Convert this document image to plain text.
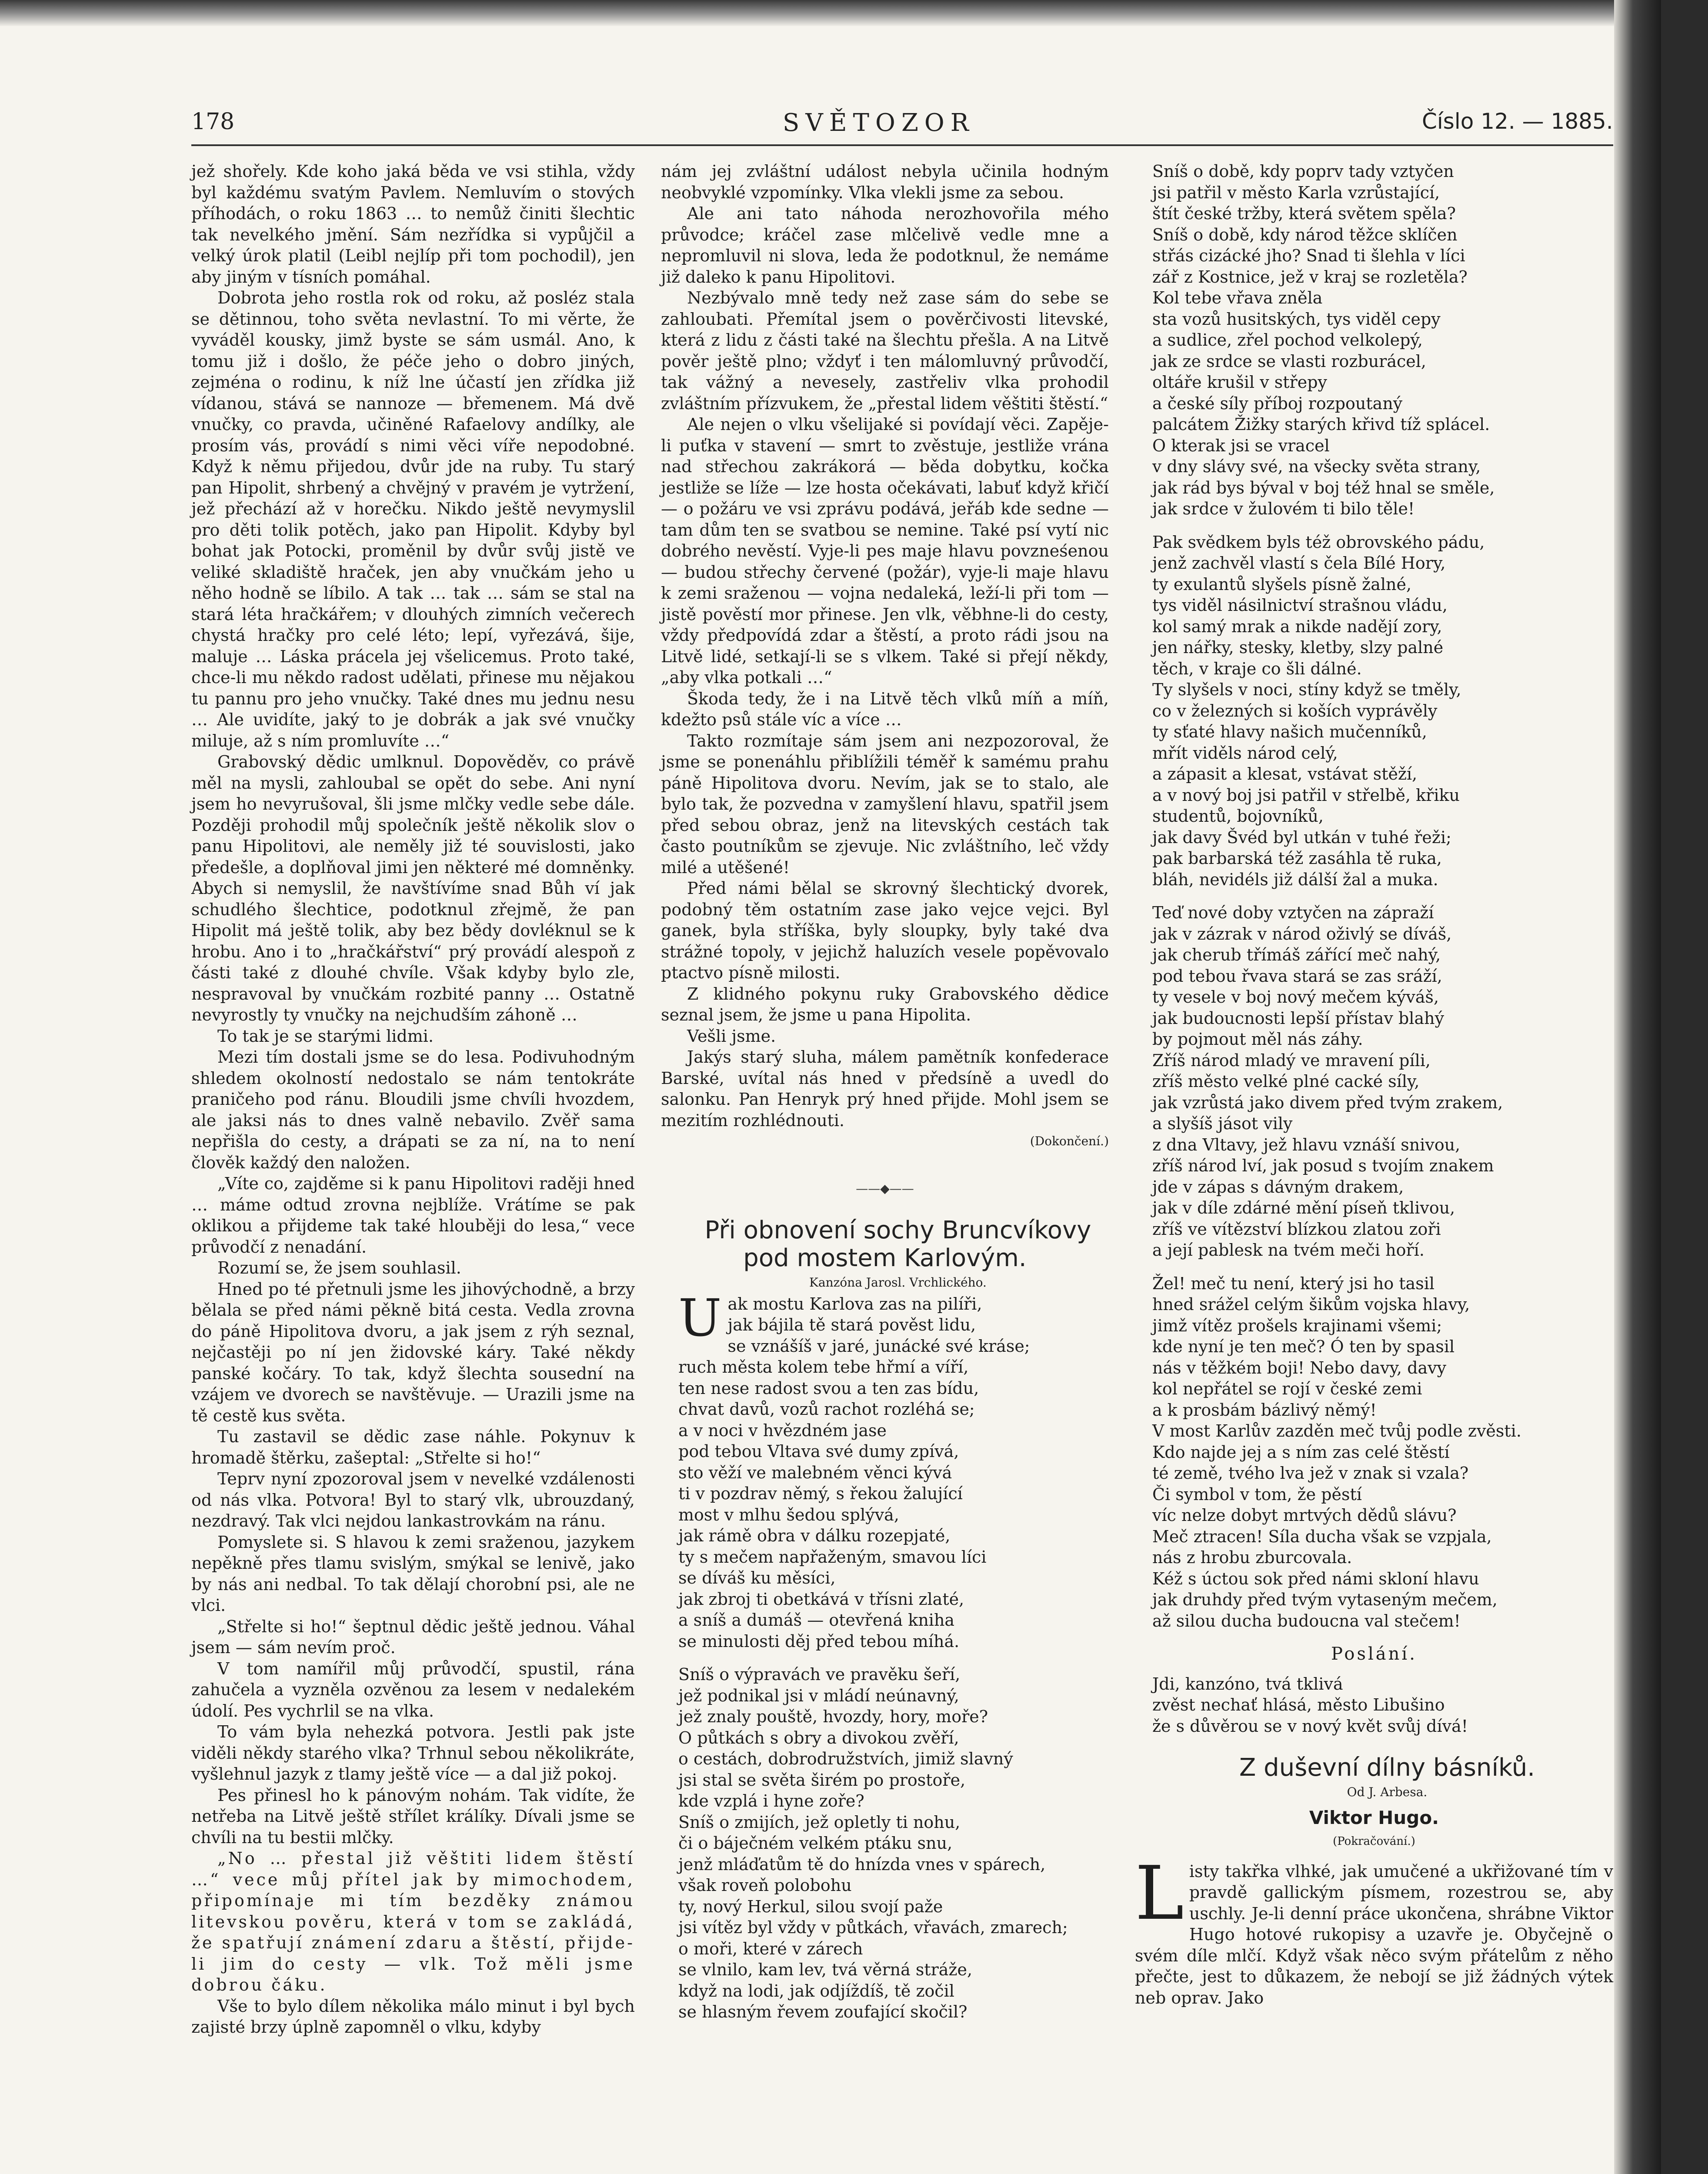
178	SVĚTOZOR	Číslo 12. — 1885.

jež shořely. Kde koho jaká běda ve vsi stihla, vždy byl každému svatým Pavlem. Nemluvím o stových příhodách, o roku 1863 … to nemůž činiti šlechtic tak nevelkého jmění. Sám nezřídka si vypůjčil a velký úrok platil (Leibl nejlíp při tom pochodil), jen aby jiným v tísních pomáhal.

Dobrota jeho rostla rok od roku, až posléz stala se dětinnou, toho světa nevlastní. To mi věrte, že vyváděl kousky, jimž byste se sám usmál. Ano, k tomu již i došlo, že péče jeho o dobro jiných, zejména o rodinu, k níž lne účastí jen zřídka již vídanou, stává se nannoze — břemenem. Má dvě vnučky, co pravda, učiněné Rafaelovy andílky, ale prosím vás, provádí s nimi věci víře nepodobné. Když k němu přijedou, dvůr jde na ruby. Tu starý pan Hipolit, shrbený a chvějný v pravém je vytržení, jež přechází až v horečku. Nikdo ještě nevymyslil pro děti tolik potěch, jako pan Hipolit. Kdyby byl bohat jak Potocki, proměnil by dvůr svůj jistě ve veliké skladiště hraček, jen aby vnučkám jeho u něho hodně se líbilo. A tak … tak … sám se stal na stará léta hračkářem; v dlouhých zimních večerech chystá hračky pro celé léto; lepí, vyřezává, šije, maluje … Láska prácela jej všelicemus. Proto také, chce-li mu někdo radost udělati, přinese mu nějakou tu pannu pro jeho vnučky. Také dnes mu jednu nesu … Ale uvidíte, jaký to je dobrák a jak své vnučky miluje, až s ním promluvíte …“

Grabovský dědic umlknul. Dopověděv, co právě měl na mysli, zahloubal se opět do sebe. Ani nyní jsem ho nevyrušoval, šli jsme mlčky vedle sebe dále. Později prohodil můj společník ještě několik slov o panu Hipolitovi, ale neměly již té souvislosti, jako předešle, a doplňoval jimi jen některé mé domněnky. Abych si nemyslil, že navštívíme snad Bůh ví jak schudlého šlechtice, podotknul zřejmě, že pan Hipolit má ještě tolik, aby bez bědy dovléknul se k hrobu. Ano i to „hračkářství“ prý provádí alespoň z části také z dlouhé chvíle. Však kdyby bylo zle, nespravoval by vnučkám rozbité panny … Ostatně nevyrostly ty vnučky na nejchudším záhoně …

To tak je se starými lidmi.

Mezi tím dostali jsme se do lesa. Podivuhodným shledem okolností nedostalo se nám tentokráte praničeho pod ránu. Bloudili jsme chvíli hvozdem, ale jaksi nás to dnes valně nebavilo. Zvěř sama nepřišla do cesty, a drápati se za ní, na to není člověk každý den naložen.

„Víte co, zajděme si k panu Hipolitovi raději hned … máme odtud zrovna nejblíže. Vrátíme se pak oklikou a přijdeme tak také hlouběji do lesa,“ vece průvodčí z nenadání.

Rozumí se, že jsem souhlasil.

Hned po té přetnuli jsme les jihovýchodně, a brzy bělala se před námi pěkně bitá cesta. Vedla zrovna do páně Hipolitova dvoru, a jak jsem z rýh seznal, nejčastěji po ní jen židovské káry. Také někdy panské kočáry. To tak, když šlechta sousední na vzájem ve dvorech se navštěvuje. — Urazili jsme na tě cestě kus světa.

Tu zastavil se dědic zase náhle. Pokynuv k hromadě štěrku, zašeptal: „Střelte si ho!“

Teprv nyní zpozoroval jsem v nevelké vzdálenosti od nás vlka. Potvora! Byl to starý vlk, ubrouzdaný, nezdravý. Tak vlci nejdou lankastrovkám na ránu.

Pomyslete si. S hlavou k zemi sraženou, jazykem nepěkně přes tlamu svislým, smýkal se lenivě, jako by nás ani nedbal. To tak dělají chorobní psi, ale ne vlci.

„Střelte si ho!“ šeptnul dědic ještě jednou. Váhal jsem — sám nevím proč.

V tom namířil můj průvodčí, spustil, rána zahučela a vyzněla ozvěnou za lesem v nedalekém údolí. Pes vychrlil se na vlka.

To vám byla nehezká potvora. Jestli pak jste viděli někdy starého vlka? Trhnul sebou několikráte, vyšlehnul jazyk z tlamy ještě více — a dal již pokoj.

Pes přinesl ho k pánovým nohám. Tak vidíte, že netřeba na Litvě ještě střílet králíky. Dívali jsme se chvíli na tu bestii mlčky.

„No … přestal již věštiti lidem štěstí …“ vece můj přítel jak by mimochodem, připomínaje mi tím bezděky známou litevskou pověru, která v tom se zakládá, že spatřují známení zdaru a štěstí, přijde-li jim do cesty — vlk. Tož měli jsme dobrou čáku.

Vše to bylo dílem několika málo minut i byl bych zajisté brzy úplně zapomněl o vlku, kdyby

nám jej zvláštní událost nebyla učinila hodným neobvyklé vzpomínky. Vlka vlekli jsme za sebou.

Ale ani tato náhoda nerozhovořila mého průvodce; kráčel zase mlčelivě vedle mne a nepromluvil ni slova, leda že podotknul, že nemáme již daleko k panu Hipolitovi.

Nezbývalo mně tedy než zase sám do sebe se zahloubati. Přemítal jsem o pověrčivosti litevské, která z lidu z části také na šlechtu přešla. A na Litvě pověr ještě plno; vždyť i ten málomluvný průvodčí, tak vážný a nevesely, zastřeliv vlka prohodil zvláštním přízvukem, že „přestal lidem věštiti štěstí.“

Ale nejen o vlku všelijaké si povídají věci. Zapěje-li puťka v stavení — smrt to zvěstuje, jestliže vrána nad střechou zakrákorá — běda dobytku, kočka jestliže se líže — lze hosta očekávati, labuť když křičí — o požáru ve vsi zprávu podává, jeřáb kde sedne — tam dům ten se svatbou se nemine. Také psí vytí nic dobrého nevěstí. Vyje-li pes maje hlavu povzneśenou — budou střechy červené (požár), vyje-li maje hlavu k zemi sraženou — vojna nedaleká, leží-li při tom — jistě pověstí mor přinese. Jen vlk, věbhne-li do cesty, vždy předpovídá zdar a štěstí, a proto rádi jsou na Litvě lidé, setkají-li se s vlkem. Také si přejí někdy, „aby vlka potkali …“

Škoda tedy, že i na Litvě těch vlků míň a míň, kdežto psů stále víc a více …

Takto rozmítaje sám jsem ani nezpozoroval, že jsme se ponenáhlu přiblížili téměř k samému prahu páně Hipolitova dvoru. Nevím, jak se to stalo, ale bylo tak, že pozvedna v zamyšlení hlavu, spatřil jsem před sebou obraz, jenž na litevských cestách tak často poutníkům se zjevuje. Nic zvláštního, leč vždy milé a utěšené!

Před námi bělal se skrovný šlechtický dvorek, podobný těm ostatním zase jako vejce vejci. Byl ganek, byla stříška, byly sloupky, byly také dva strážné topoly, v jejichž haluzích vesele popěvovalo ptactvo písně milosti.

Z klidného pokynu ruky Grabovského dědice seznal jsem, že jsme u pana Hipolita.

Vešli jsme.

Jakýs starý sluha, málem pamětník konfederace Barské, uvítal nás hned v předsíně a uvedl do salonku. Pan Henryk prý hned přijde. Mohl jsem se mezitím rozhlédnouti.

(Dokončení.)

——◆——

Při obnovení sochy Bruncvíkovy pod mostem Karlovým.

Kanzóna Jarosl. Vrchlického.

U ak mostu Karlova zas na pilíři,
jak bájila tě stará pověst lidu,
se vznášíš v jaré, junácké své kráse;
ruch města kolem tebe hřmí a víří,
ten nese radost svou a ten zas bídu,
chvat davů, vozů rachot rozléhá se;
a v noci v hvězdném jase
pod tebou Vltava své dumy zpívá,
sto věží ve malebném věnci kývá
ti v pozdrav němý, s řekou žalující
most v mlhu šedou splývá,
jak rámě obra v dálku rozepjaté,
ty s mečem napřaženým, smavou líci
se díváš ku měsíci,
jak zbroj ti obetkává v třísni zlaté,
a sníš a dumáš — otevřená kniha
se minulosti děj před tebou míhá.
Sníš o výpravách ve pravěku šeří,
jež podnikal jsi v mládí neúnavný,
jež znaly pouště, hvozdy, hory, moře?
O půtkách s obry a divokou zvěří,
o cestách, dobrodružstvích, jimiž slavný
jsi stal se světa širém po prostoře,
kde vzplá i hyne zoře?
Sníš o zmijích, jež opletly ti nohu,
či o báječném velkém ptáku snu,
jenž mláďatům tě do hnízda vnes v spárech,
však roveň polobohu
ty, nový Herkul, silou svojí paže
jsi vítěz byl vždy v půtkách, vřavách, zmarech;
o moři, které v zárech
se vlnilo, kam lev, tvá věrná stráže,
když na lodi, jak odjíždíš, tě zočil
se hlasným řevem zoufající skočil?
Sníš o době, kdy poprv tady vztyčen
jsi patřil v město Karla vzrůstající,
štít české tržby, která světem spěla?
Sníš o době, kdy národ těžce sklíčen
střás cizácké jho? Snad ti šlehla v líci
zář z Kostnice, jež v kraj se rozletěla?
Kol tebe vřava zněla
sta vozů husitských, tys viděl cepy
a sudlice, zřel pochod velkolepý,
jak ze srdce se vlasti rozburácel,
oltáře krušil v střepy
a české síly příboj rozpoutaný
palcátem Žižky starých křivd tíž splácel.
O kterak jsi se vracel
v dny slávy své, na všecky světa strany,
jak rád bys býval v boj též hnal se směle,
jak srdce v žulovém ti bilo těle!
Pak svědkem byls též obrovského pádu,
jenž zachvěl vlastí s čela Bílé Hory,
ty exulantů slyšels písně žalné,
tys viděl násilnictví strašnou vládu,
kol samý mrak a nikde nadějí zory,
jen nářky, stesky, kletby, slzy palné
těch, v kraje co šli dálné.
Ty slyšels v noci, stíny když se tměly,
co v železných si koších vyprávěly
ty sťaté hlavy našich mučenníků,
mřít viděls národ celý,
a zápasit a klesat, vstávat stěží,
a v nový boj jsi patřil v střelbě, křiku
studentů, bojovníků,
jak davy Švéd byl utkán v tuhé řeži;
pak barbarská též zasáhla tě ruka,
bláh, nevidéls již dálší žal a muka.
Teď nové doby vztyčen na zápraží
jak v zázrak v národ oživlý se díváš,
jak cherub třímáš zářící meč nahý,
pod tebou řvava stará se zas sráží,
ty vesele v boj nový mečem kýváš,
jak budoucnosti lepší přístav blahý
by pojmout měl nás záhy.
Zříš národ mladý ve mravení píli,
zříš město velké plné cacké síly,
jak vzrůstá jako divem před tvým zrakem,
a slyšíš jásot vily
z dna Vltavy, jež hlavu vznáší snivou,
zříš národ lví, jak posud s tvojím znakem
jde v zápas s dávným drakem,
jak v díle zdárné mění píseň tklivou,
zříš ve vítězství blízkou zlatou zoři
a její pablesk na tvém meči hoří.
Žel! meč tu není, který jsi ho tasil
hned srážel celým šikům vojska hlavy,
jimž vítěz prošels krajinami všemi;
kde nyní je ten meč? Ó ten by spasil
nás v těžkém boji! Nebo davy, davy
kol nepřátel se rojí v české zemi
a k prosbám bázlivý němý!
V most Karlův zazděn meč tvůj podle zvěsti.
Kdo najde jej a s ním zas celé štěstí
té země, tvého lva jež v znak si vzala?
Či symbol v tom, že pěstí
víc nelze dobyt mrtvých dědů slávu?
Meč ztracen! Síla ducha však se vzpjala,
nás z hrobu zburcovala.
Kéž s úctou sok před námi skloní hlavu
jak druhdy před tvým vytaseným mečem,
až silou ducha budoucna val stečem!
Poslání.
Jdi, kanzóno, tvá tklivá
zvěst nechať hlásá, město Libušino
že s důvěrou se v nový květ svůj dívá!

Z duševní dílny básníků.

Od J. Arbesa.

Viktor Hugo.
(Pokračování.)

Listy takřka vlhké, jak umučené a ukřižované tím v pravdě gallickým písmem, rozestrou se, aby uschly. Je-li denní práce ukončena, shrábne Viktor Hugo hotové rukopisy a uzavře je. Obyčejně o svém díle mlčí. Když však něco svým přátelům z něho přečte, jest to důkazem, že nebojí se již žádných výtek neb oprav. Jako
